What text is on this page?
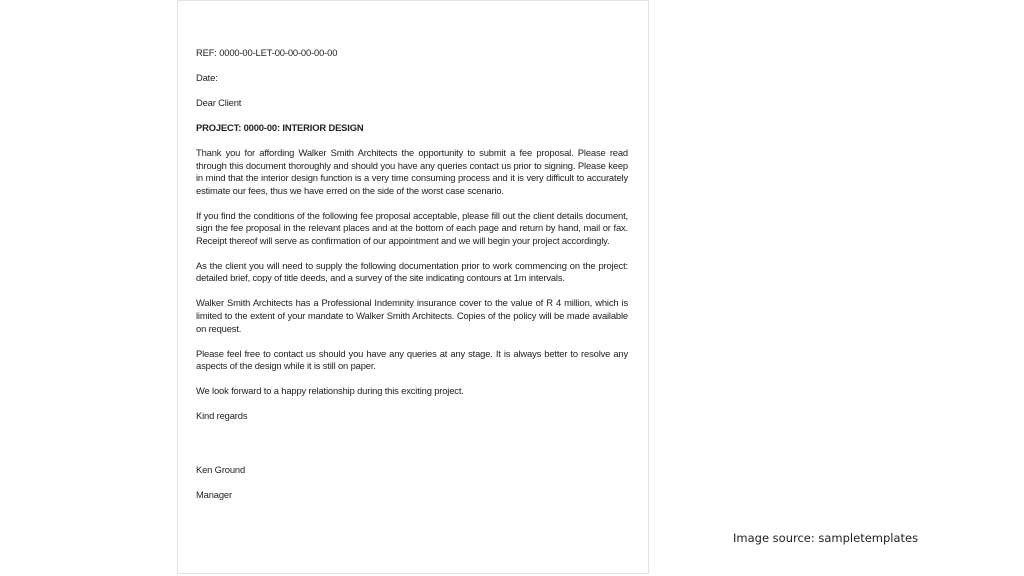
REF: 0000-00-LET-00-00-00-00-00

Date:

Dear Client

PROJECT: 0000-00: INTERIOR DESIGN

Thank you for affording Walker Smith Architects the opportunity to submit a fee proposal. Please read through this document thoroughly and should you have any queries contact us prior to signing. Please keep in mind that the interior design function is a very time consuming process and it is very difficult to accurately estimate our fees, thus we have erred on the side of the worst case scenario.

If you find the conditions of the following fee proposal acceptable, please fill out the client details document, sign the fee proposal in the relevant places and at the bottom of each page and return by hand, mail or fax. Receipt thereof will serve as confirmation of our appointment and we will begin your project accordingly.

As the client you will need to supply the following documentation prior to work commencing on the project: detailed brief, copy of title deeds, and a survey of the site indicating contours at 1m intervals.

Walker Smith Architects has a Professional Indemnity insurance cover to the value of R 4 million, which is limited to the extent of your mandate to Walker Smith Architects. Copies of the policy will be made available on request.

Please feel free to contact us should you have any queries at any stage. It is always better to resolve any aspects of the design while it is still on paper.

We look forward to a happy relationship during this exciting project.

Kind regards

Ken Ground

Manager

Image source: sampletemplates
